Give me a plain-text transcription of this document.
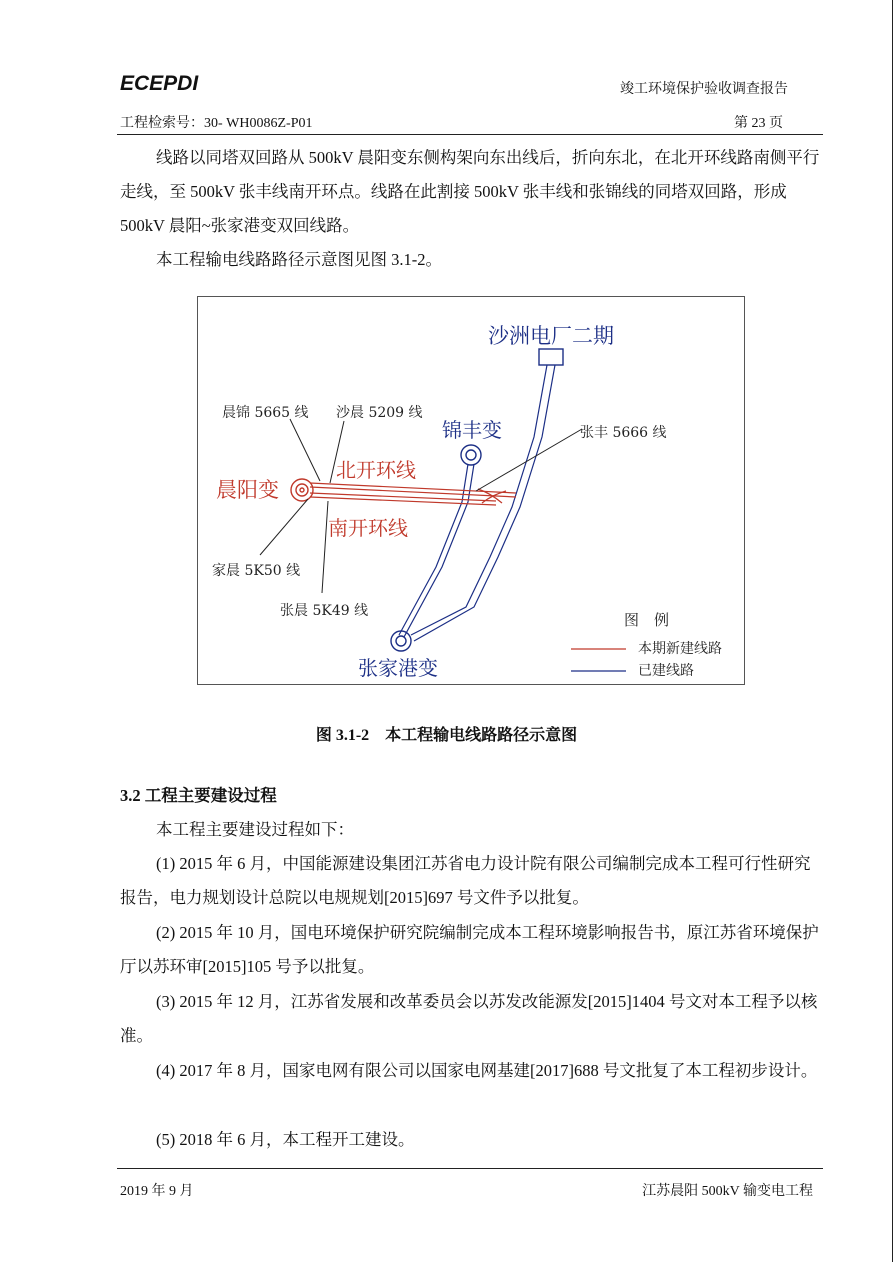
ECEPDI	竣工环境保护验收调查报告
工程检索号：30- WH0086Z-P01	第 23 页

线路以同塔双回路从 500kV 晨阳变东侧构架向东出线后，折向东北，在北开环线路南侧平行走线，至 500kV 张丰线南开环点。线路在此割接 500kV 张丰线和张锦线的同塔双回路，形成 500kV 晨阳~张家港变双回线路。

本工程输电线路路径示意图见图 3.1-2。

沙洲电厂二期
锦丰变
晨阳变
张家港变
北开环线
南开环线
晨锦 5665 线 沙晨 5209 线
张丰 5666 线
家晨 5K50 线
张晨 5K49 线	图　例
本期新建线路
已建线路
图 3.1-2　本工程输电线路路径示意图
3.2 工程主要建设过程

本工程主要建设过程如下：

(1) 2015 年 6 月，中国能源建设集团江苏省电力设计院有限公司编制完成本工程可行性研究报告，电力规划设计总院以电规规划[2015]697 号文件予以批复。

(2) 2015 年 10 月，国电环境保护研究院编制完成本工程环境影响报告书，原江苏省环境保护厅以苏环审[2015]105 号予以批复。

(3) 2015 年 12 月，江苏省发展和改革委员会以苏发改能源发[2015]1404 号文对本工程予以核准。

(4) 2017 年 8 月，国家电网有限公司以国家电网基建[2017]688 号文批复了本工程初步设计。

(5) 2018 年 6 月，本工程开工建设。

2019 年 9 月	江苏晨阳 500kV 输变电工程
